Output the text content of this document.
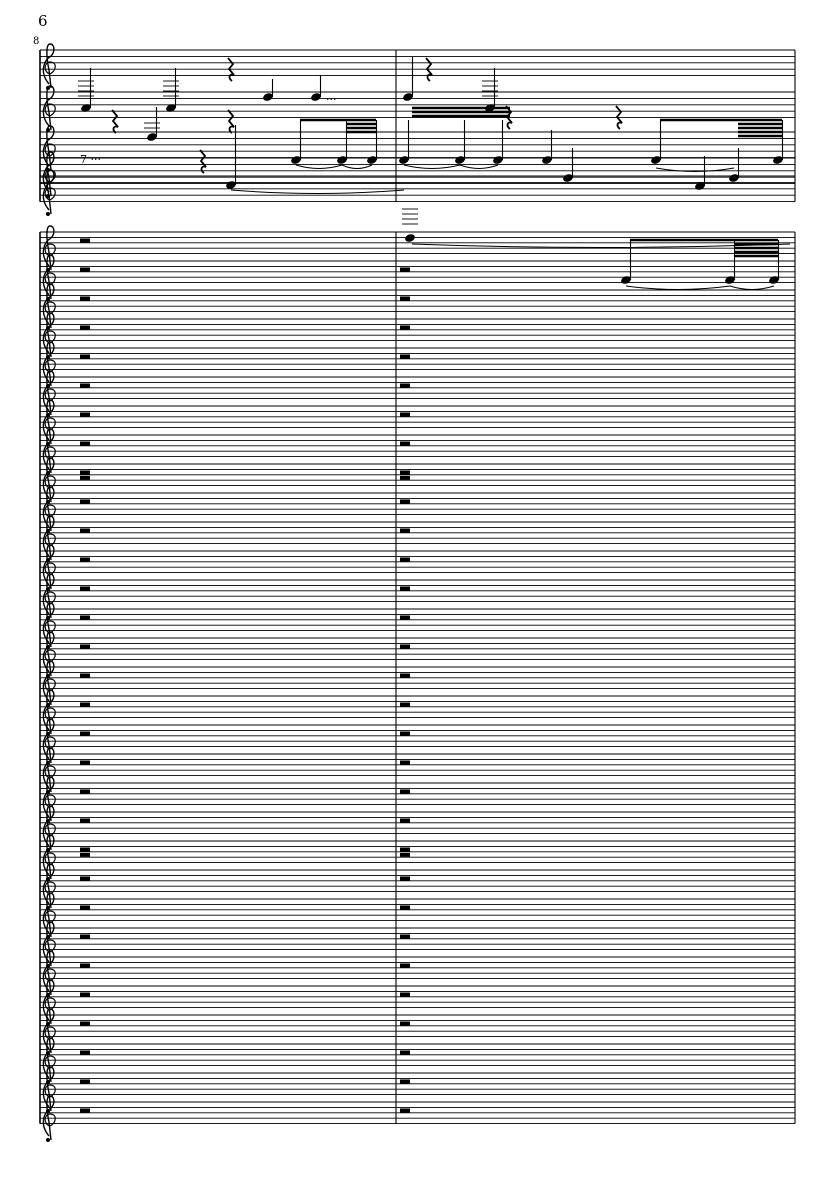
6
8
...
7 ···
